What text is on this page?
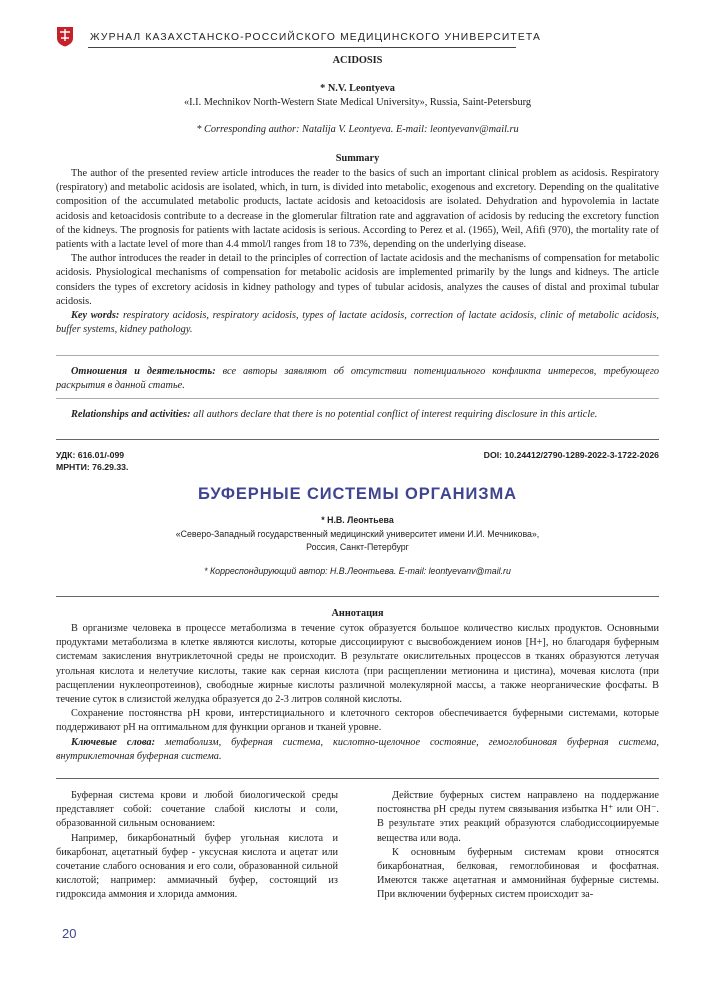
ЖУРНАЛ КАЗАХСТАНСКО-РОССИЙСКОГО МЕДИЦИНСКОГО УНИВЕРСИТЕТА
ACIDOSIS
* N.V. Leontyeva
«I.I. Mechnikov North-Western State Medical University», Russia, Saint-Petersburg
* Corresponding author: Natalija V. Leontyeva. E-mail: leontyevanv@mail.ru
Summary

The author of the presented review article introduces the reader to the basics of such an important clinical problem as acidosis. Respiratory (respiratory) and metabolic acidosis are isolated, which, in turn, is divided into metabolic, exogenous and excretory. Depending on the qualitative composition of the accumulated metabolic products, lactate acidosis and ketoacidosis are isolated. Dehydration and hypovolemia in lactate acidosis and ketoacidosis contribute to a decrease in the glomerular filtration rate and aggravation of acidosis by reducing the excretory function of the kidneys. The prognosis for patients with lactate acidosis is serious. According to Perez et al. (1965), Weil, Afifi (970), the mortality rate of patients with a lactate level of more than 4.4 mmol/l ranges from 18 to 73%, depending on the underlying disease.

The author introduces the reader in detail to the principles of correction of lactate acidosis and the mechanisms of compensation for metabolic acidosis. Physiological mechanisms of compensation for metabolic acidosis are implemented primarily by the lungs and kidneys. The article considers the types of excretory acidosis in kidney pathology and types of tubular acidosis, analyzes the causes of distal and proximal tubular acidosis.

Key words: respiratory acidosis, respiratory acidosis, types of lactate acidosis, correction of lactate acidosis, clinic of metabolic acidosis, buffer systems, kidney pathology.

Отношения и деятельность: все авторы заявляют об отсутствии потенциального конфликта интересов, требующего раскрытия в данной статье.

Relationships and activities: all authors declare that there is no potential conflict of interest requiring disclosure in this article.

УДК: 616.01/-099
МРНТИ: 76.29.33.
DOI: 10.24412/2790-1289-2022-3-1722-2026
БУФЕРНЫЕ СИСТЕМЫ ОРГАНИЗМА
* Н.В. Леонтьева
«Северо-Западный государственный медицинский университет имени И.И. Мечникова»,
Россия, Санкт-Петербург
* Корреспондирующий автор: Н.В.Леонтьева. E-mail: leontyevanv@mail.ru
Аннотация

В организме человека в процессе метаболизма в течение суток образуется большое количество кислых продуктов. Основными продуктами метаболизма в клетке являются кислоты, которые диссоциируют с высвобождением ионов [H+], но благодаря буферным системам закисления внутриклеточной среды не происходит. В результате окислительных процессов в тканях образуются летучая угольная кислота и нелетучие кислоты, такие как серная кислота (при расщеплении метионина и цистина), мочевая кислота (при расщеплении нуклеопротеинов), свободные жирные кислоты различной молекулярной массы, а также неорганические фосфаты. В течение суток в слизистой желудка образуется до 2-3 литров соляной кислоты.

Сохранение постоянства pH крови, интерстициального и клеточного секторов обеспечивается буферными системами, которые поддерживают pH на оптимальном для функции органов и тканей уровне.

Ключевые слова: метаболизм, буферная система, кислотно-щелочное состояние, гемоглобиновая буферная система, внутриклеточная буферная система.

Буферная система крови и любой биологической среды представляет собой: сочетание слабой кислоты и соли, образованной сильным основанием:

Например, бикарбонатный буфер угольная кислота и бикарбонат, ацетатный буфер - уксусная кислота и ацетат или сочетание слабого основания и его соли, образованной сильной кислотой; например: аммиачный буфер, состоящий из гидроксида аммония и хлорида аммония.

Действие буферных систем направлено на поддержание постоянства pH среды путем связывания избытка H⁺ или OH⁻. В результате этих реакций образуются слабодиссоциируемые вещества или вода.

К основным буферным системам крови относятся бикарбонатная, белковая, гемоглобиновая и фосфатная. Имеются также ацетатная и аммонийная буферные системы. При включении буферных систем происходит за-

20
